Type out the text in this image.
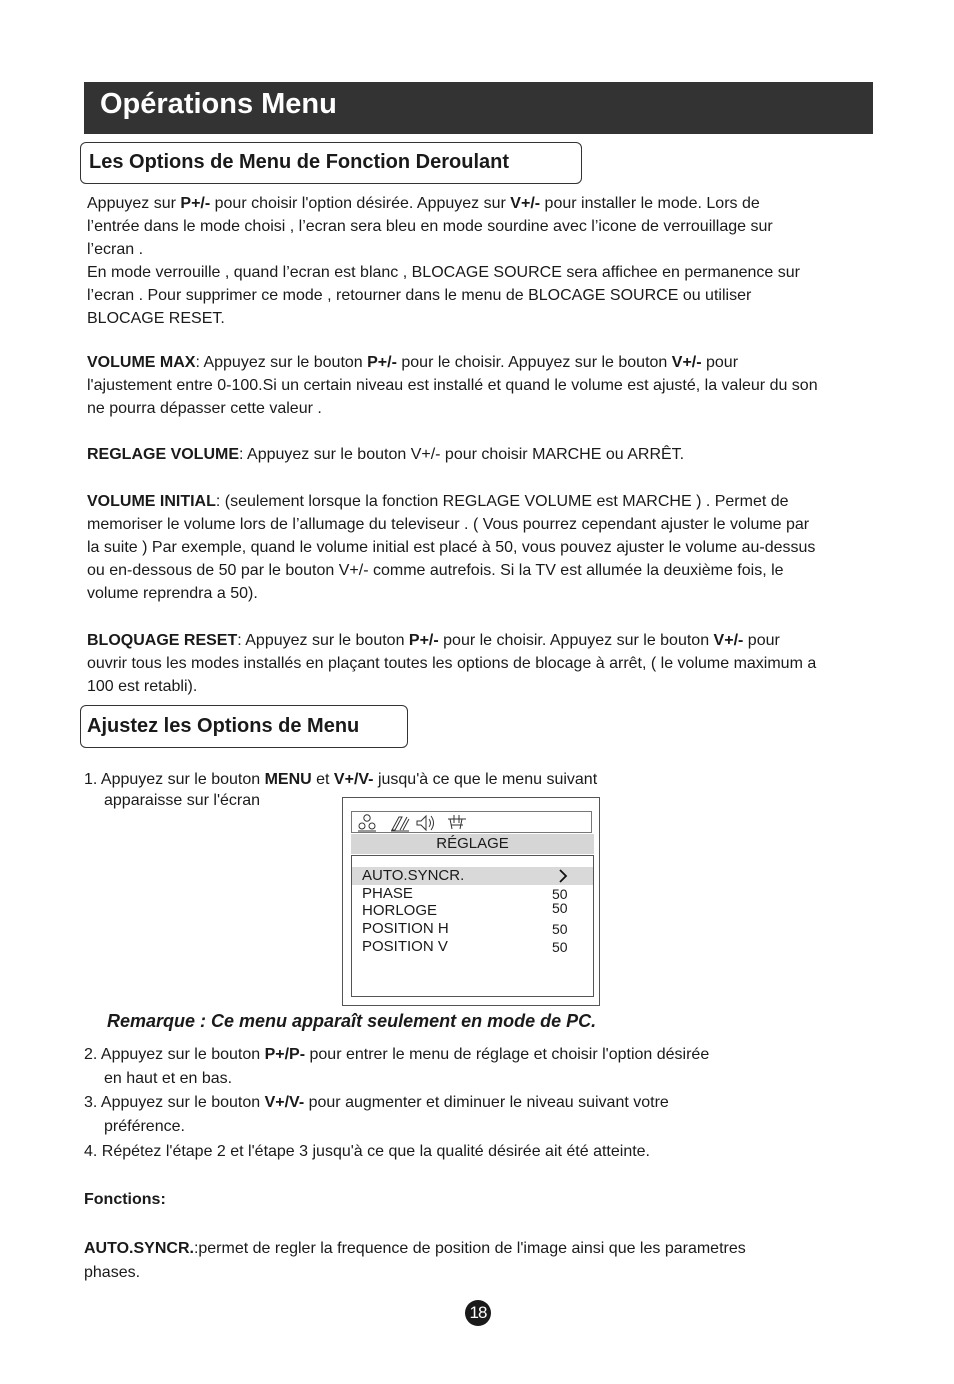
Opérations Menu
Les Options de Menu de Fonction Deroulant
Appuyez sur P+/- pour choisir l'option désirée. Appuyez sur V+/- pour installer le mode. Lors de
l’entrée dans le mode choisi , l’ecran sera bleu en mode sourdine avec l’icone de verrouillage sur
l’ecran .
En mode verrouille , quand l’ecran est blanc , BLOCAGE SOURCE sera affichee en permanence sur
l’ecran . Pour supprimer ce mode , retourner dans le menu de BLOCAGE SOURCE ou utiliser
BLOCAGE RESET.
VOLUME MAX: Appuyez sur le bouton P+/- pour le choisir. Appuyez sur le bouton V+/- pour
l'ajustement entre 0-100.Si un certain niveau est installé et quand le volume est ajusté, la valeur du son
ne pourra dépasser cette valeur .
REGLAGE VOLUME: Appuyez sur le bouton V+/- pour choisir MARCHE ou ARRÊT.
VOLUME INITIAL: (seulement lorsque la fonction REGLAGE VOLUME est MARCHE ) . Permet de
memoriser le volume lors de l’allumage du televiseur . ( Vous pourrez cependant ajuster le volume par
la suite ) Par exemple, quand le volume initial est placé à 50, vous pouvez ajuster le volume au-dessus
ou en-dessous de 50 par le bouton V+/- comme autrefois. Si la TV est allumée la deuxième fois, le
volume reprendra a 50).
BLOQUAGE RESET: Appuyez sur le bouton P+/- pour le choisir. Appuyez sur le bouton V+/- pour
ouvrir tous les modes installés en plaçant toutes les options de blocage à arrêt, ( le volume maximum a
100 est retabli).
Ajustez les Options de Menu
1. Appuyez sur le bouton MENU et V+/V- jusqu'à ce que le menu suivant
apparaisse sur l'écran
RÉGLAGE
AUTO.SYNCR.
PHASE	50
HORLOGE	50
POSITION H	50
POSITION V	50
Remarque : Ce menu apparaît seulement en mode de PC.
2. Appuyez sur le bouton P+/P- pour entrer le menu de réglage et choisir l'option désirée
en haut et en bas.
3. Appuyez sur le bouton V+/V- pour augmenter et diminuer le niveau suivant votre
préférence.
4. Répétez l'étape 2 et l'étape 3 jusqu'à ce que la qualité désirée ait été atteinte.
Fonctions:
AUTO.SYNCR.:permet de regler la frequence de position de l'image ainsi que les parametres
phases.
18
